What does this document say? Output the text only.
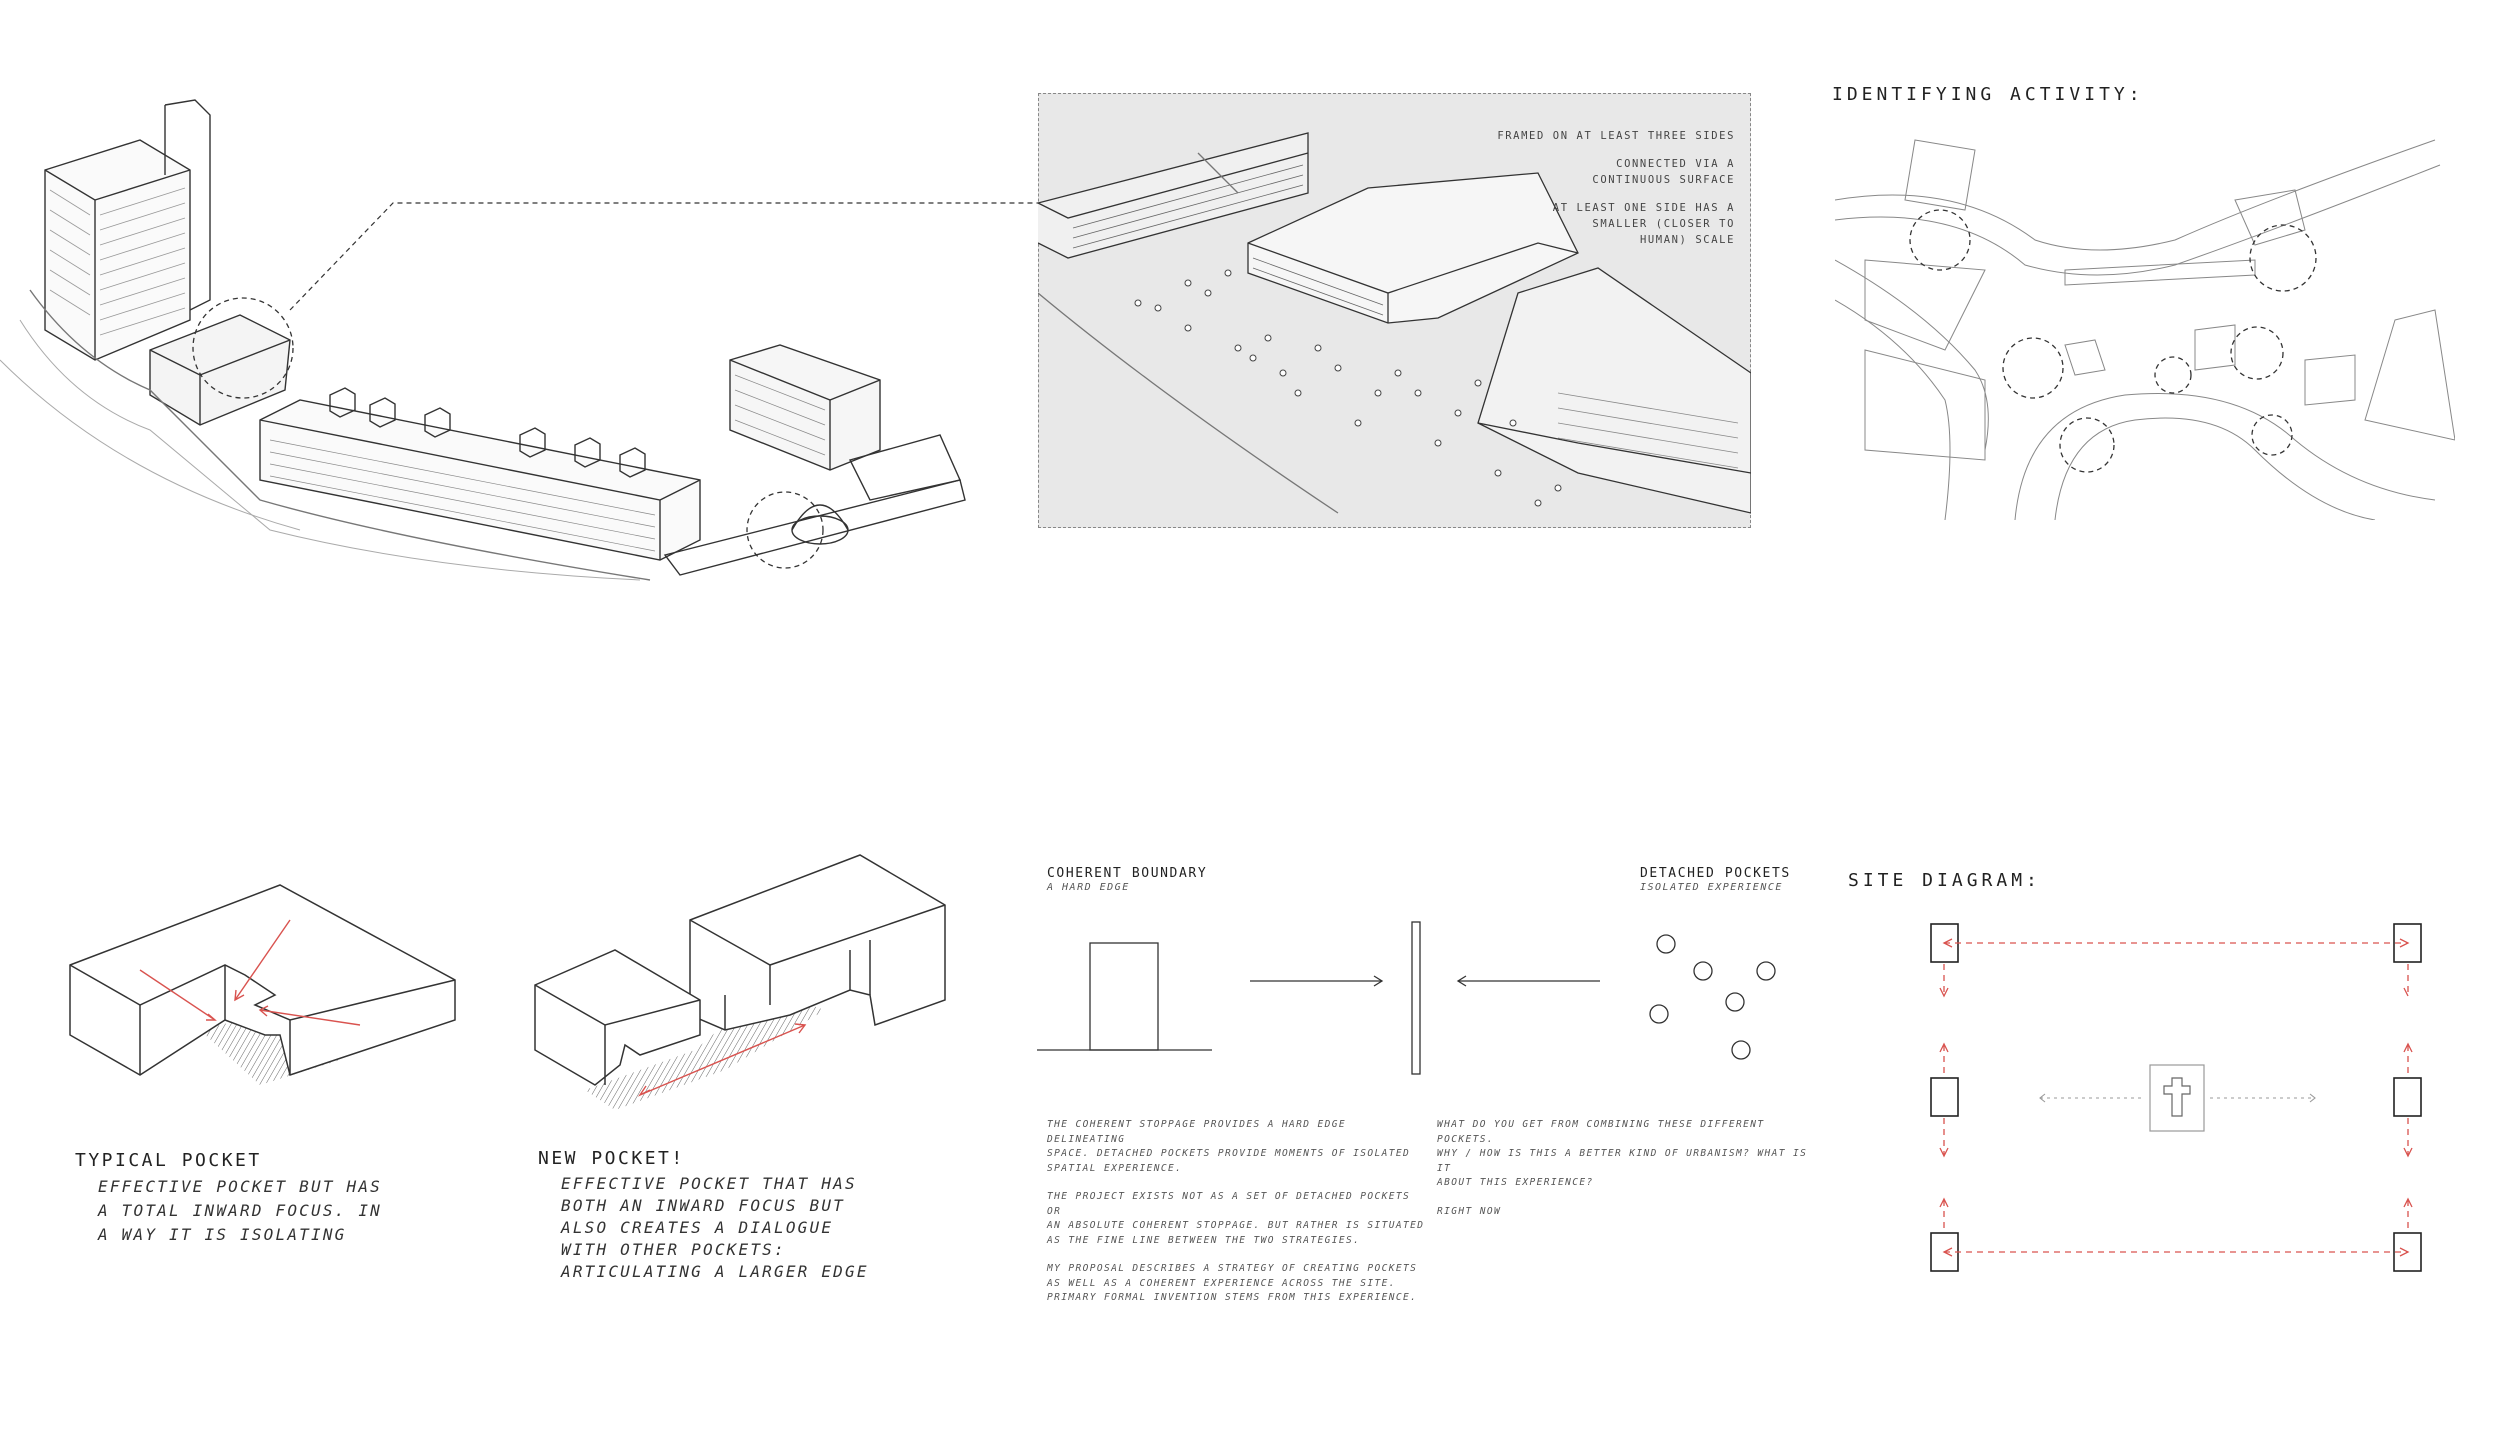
FRAMED ON AT LEAST THREE SIDES
CONNECTED VIA A
CONTINUOUS SURFACE
AT LEAST ONE SIDE HAS A
SMALLER (CLOSER TO
HUMAN) SCALE
IDENTIFYING ACTIVITY:
TYPICAL POCKET
EFFECTIVE POCKET BUT HAS
A TOTAL INWARD FOCUS. IN
A WAY IT IS ISOLATING
NEW POCKET!
EFFECTIVE POCKET THAT HAS
BOTH AN INWARD FOCUS BUT
ALSO CREATES A DIALOGUE
WITH OTHER POCKETS:
ARTICULATING A LARGER EDGE
COHERENT BOUNDARY
A HARD EDGE
DETACHED POCKETS
ISOLATED EXPERIENCE
THE COHERENT STOPPAGE PROVIDES A HARD EDGE DELINEATING
SPACE. DETACHED POCKETS PROVIDE MOMENTS OF ISOLATED
SPATIAL EXPERIENCE.
THE PROJECT EXISTS NOT AS A SET OF DETACHED POCKETS OR
AN ABSOLUTE COHERENT STOPPAGE. BUT RATHER IS SITUATED
AS THE FINE LINE BETWEEN THE TWO STRATEGIES.
MY PROPOSAL DESCRIBES A STRATEGY OF CREATING POCKETS
AS WELL AS A COHERENT EXPERIENCE ACROSS THE SITE.
PRIMARY FORMAL INVENTION STEMS FROM THIS EXPERIENCE.
WHAT DO YOU GET FROM COMBINING THESE DIFFERENT POCKETS.
WHY / HOW IS THIS A BETTER KIND OF URBANISM? WHAT IS IT
ABOUT THIS EXPERIENCE?
RIGHT NOW
SITE DIAGRAM:
